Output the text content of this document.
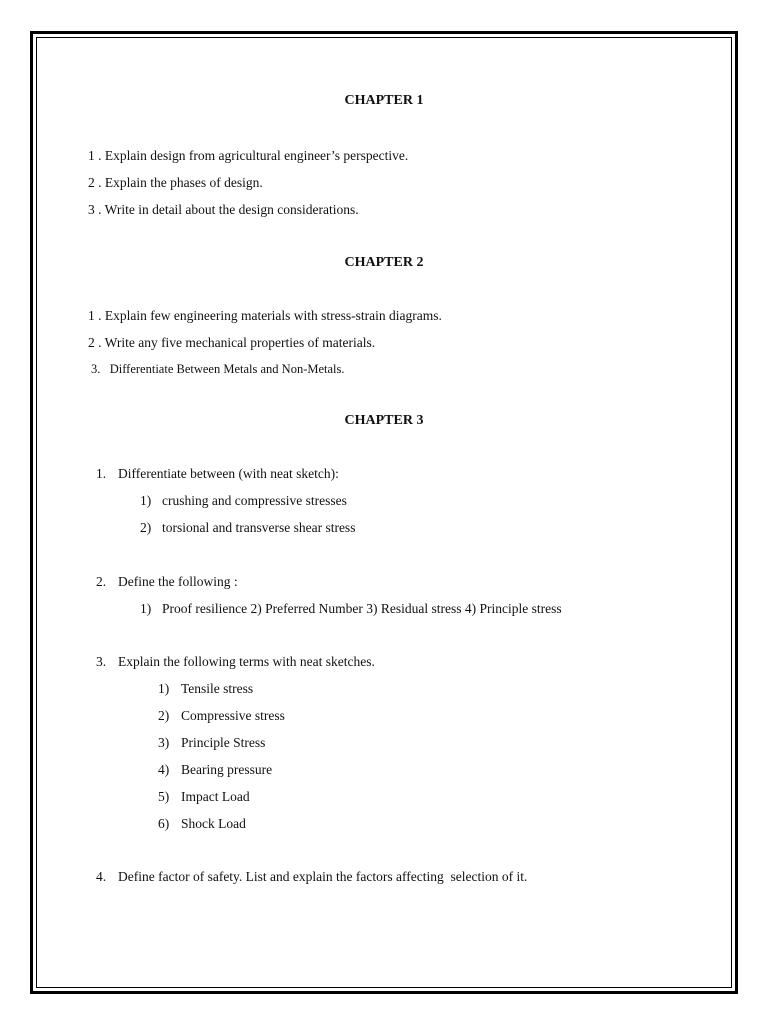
CHAPTER 1
1 . Explain design from agricultural engineer’s perspective.
2 . Explain the phases of design.
3 . Write in detail about the design considerations.
CHAPTER 2
1 . Explain few engineering materials with stress-strain diagrams.
2 . Write any five mechanical properties of materials.
3.   Differentiate Between Metals and Non-Metals.
CHAPTER 3
1. Differentiate between (with neat sketch):
1) crushing and compressive stresses
2) torsional and transverse shear stress
2. Define the following :
1) Proof resilience 2) Preferred Number 3) Residual stress 4) Principle stress
3. Explain the following terms with neat sketches.
1) Tensile stress
2) Compressive stress
3) Principle Stress
4) Bearing pressure
5) Impact Load
6) Shock Load
4. Define factor of safety. List and explain the factors affecting  selection of it.
